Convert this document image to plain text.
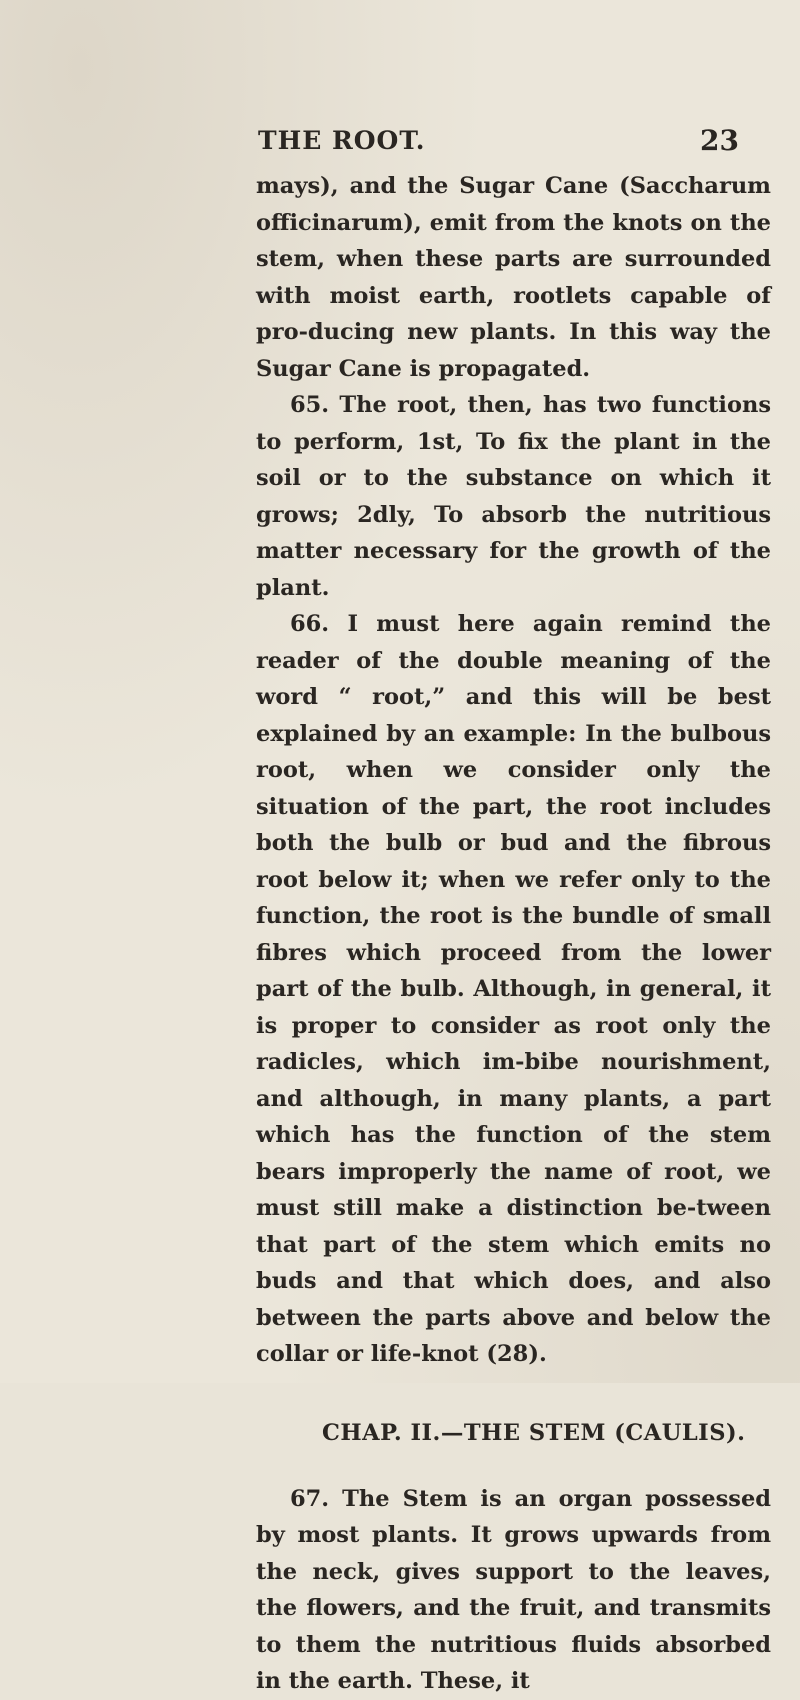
THE ROOT.	23

mays), and the Sugar Cane (Saccharum officinarum), emit from the knots on the stem, when these parts are surrounded with moist earth, rootlets capable of pro-ducing new plants. In this way the Sugar Cane is propagated.

65. The root, then, has two functions to perform, 1st, To fix the plant in the soil or to the substance on which it grows; 2dly, To absorb the nutritious matter necessary for the growth of the plant.

66. I must here again remind the reader of the double meaning of the word “ root,” and this will be best explained by an example: In the bulbous root, when we consider only the situation of the part, the root includes both the bulb or bud and the fibrous root below it; when we refer only to the function, the root is the bundle of small fibres which proceed from the lower part of the bulb. Although, in general, it is proper to consider as root only the radicles, which im-bibe nourishment, and although, in many plants, a part which has the function of the stem bears improperly the name of root, we must still make a distinction be-tween that part of the stem which emits no buds and that which does, and also between the parts above and below the collar or life-knot (28).

CHAP. II.—THE STEM (CAULIS).

67. The Stem is an organ possessed by most plants. It grows upwards from the neck, gives support to the leaves, the flowers, and the fruit, and transmits to them the nutritious fluids absorbed in the earth. These, it
